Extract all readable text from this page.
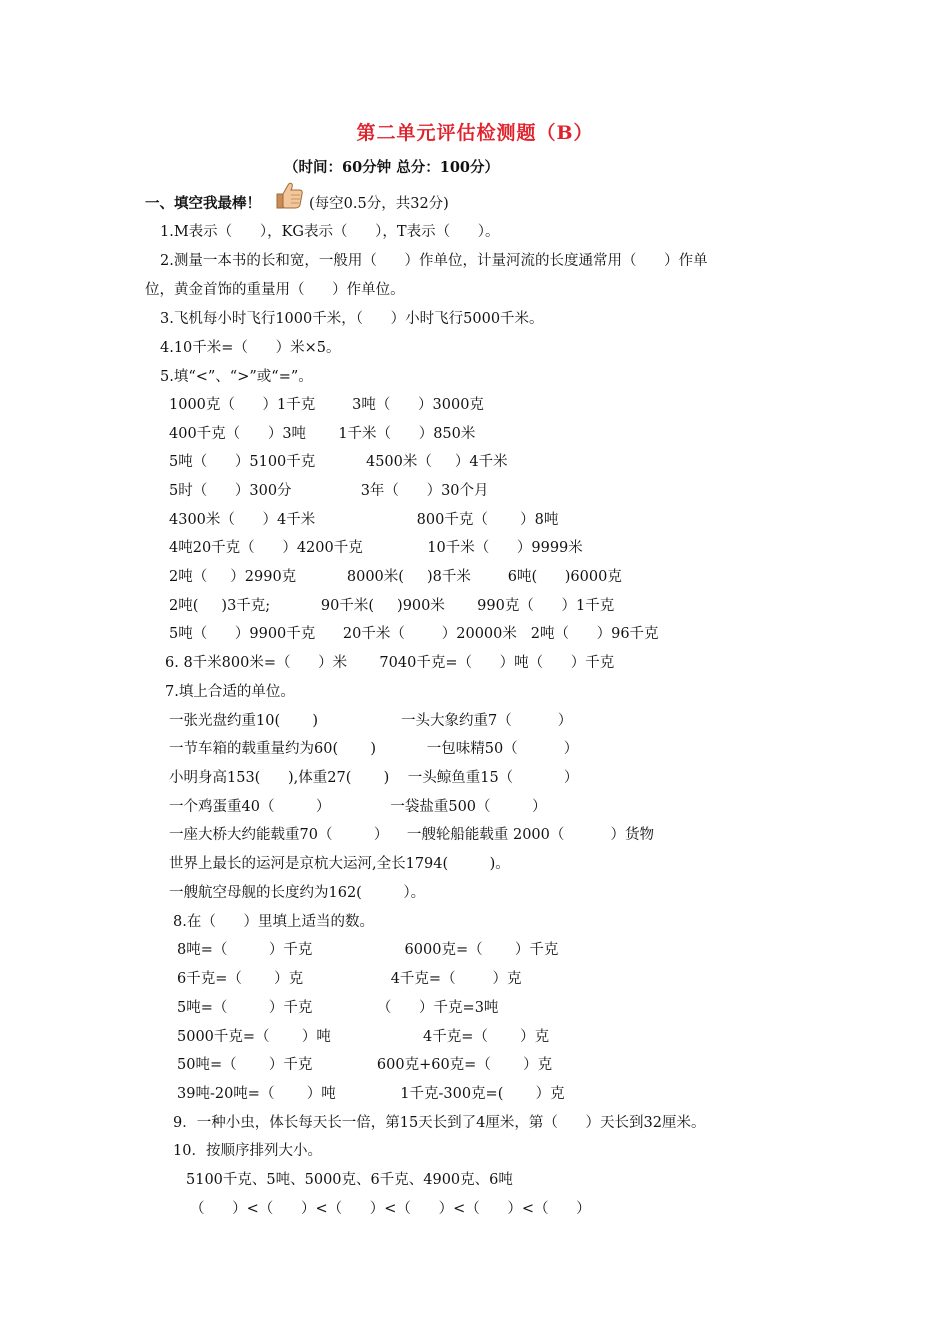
第二单元评估检测题（B）
（时间：60分钟 总分：100分）
一、填空我最棒！	(每空0.5分，共32分)
1.M表示（      ），KG表示（      ），T表示（      ）。
2.测量一本书的长和宽，一般用（      ）作单位，计量河流的长度通常用（      ）作单
位，黄金首饰的重量用（      ）作单位。
3.飞机每小时飞行1000千米，（      ）小时飞行5000千米。
4.10千米=（      ）米×5。
5.填“<”、“>”或“=”。
1000克（      ）1千克        3吨（      ）3000克
400千克（      ）3吨       1千米（      ）850米
5吨（      ）5100千克           4500米（     ）4千米
5时（      ）300分               3年（      ）30个月
4300米（      ）4千米                      800千克（       ）8吨
4吨20千克（      ）4200千克              10千米（      ）9999米
2吨（     ）2990克           8000米(     )8千米        6吨(      )6000克
2吨(     )3千克;           90千米(     )900米       990克（      ）1千克
5吨（      ）9900千克      20千米（        ）20000米   2吨（      ）96千克
6. 8千米800米=（      ）米       7040千克=（      ）吨（      ）千克
7.填上合适的单位。
一张光盘约重10(       )                  一头大象约重7（          ）
一节车箱的载重量约为60(       )           一包味精50（          ）
小明身高153(      ),体重27(       )    一头鲸鱼重15（           ）
一个鸡蛋重40（         ）             一袋盐重500（         ）
一座大桥大约能载重70（         ）    一艘轮船能载重 2000（          ）货物
世界上最长的运河是京杭大运河,全长1794(         )。
一艘航空母舰的长度约为162(         ）。
8.在（      ）里填上适当的数。
8吨=（         ）千克                    6000克=（       ）千克
6千克=（       ）克                   4千克=（        ）克
5吨=（         ）千克              （      ）千克=3吨
5000千克=（       ）吨                    4千克=（       ）克
50吨=（       ）千克              600克+60克=（       ）克
39吨-20吨=（       ）吨              1千克-300克=(       ）克
9．一种小虫，体长每天长一倍，第15天长到了4厘米，第（      ）天长到32厘米。
10．按顺序排列大小。
5100千克、5吨、5000克、6千克、4900克、6吨
（      ）<（      ）<（      ）<（      ）<（      ）<（      ）
